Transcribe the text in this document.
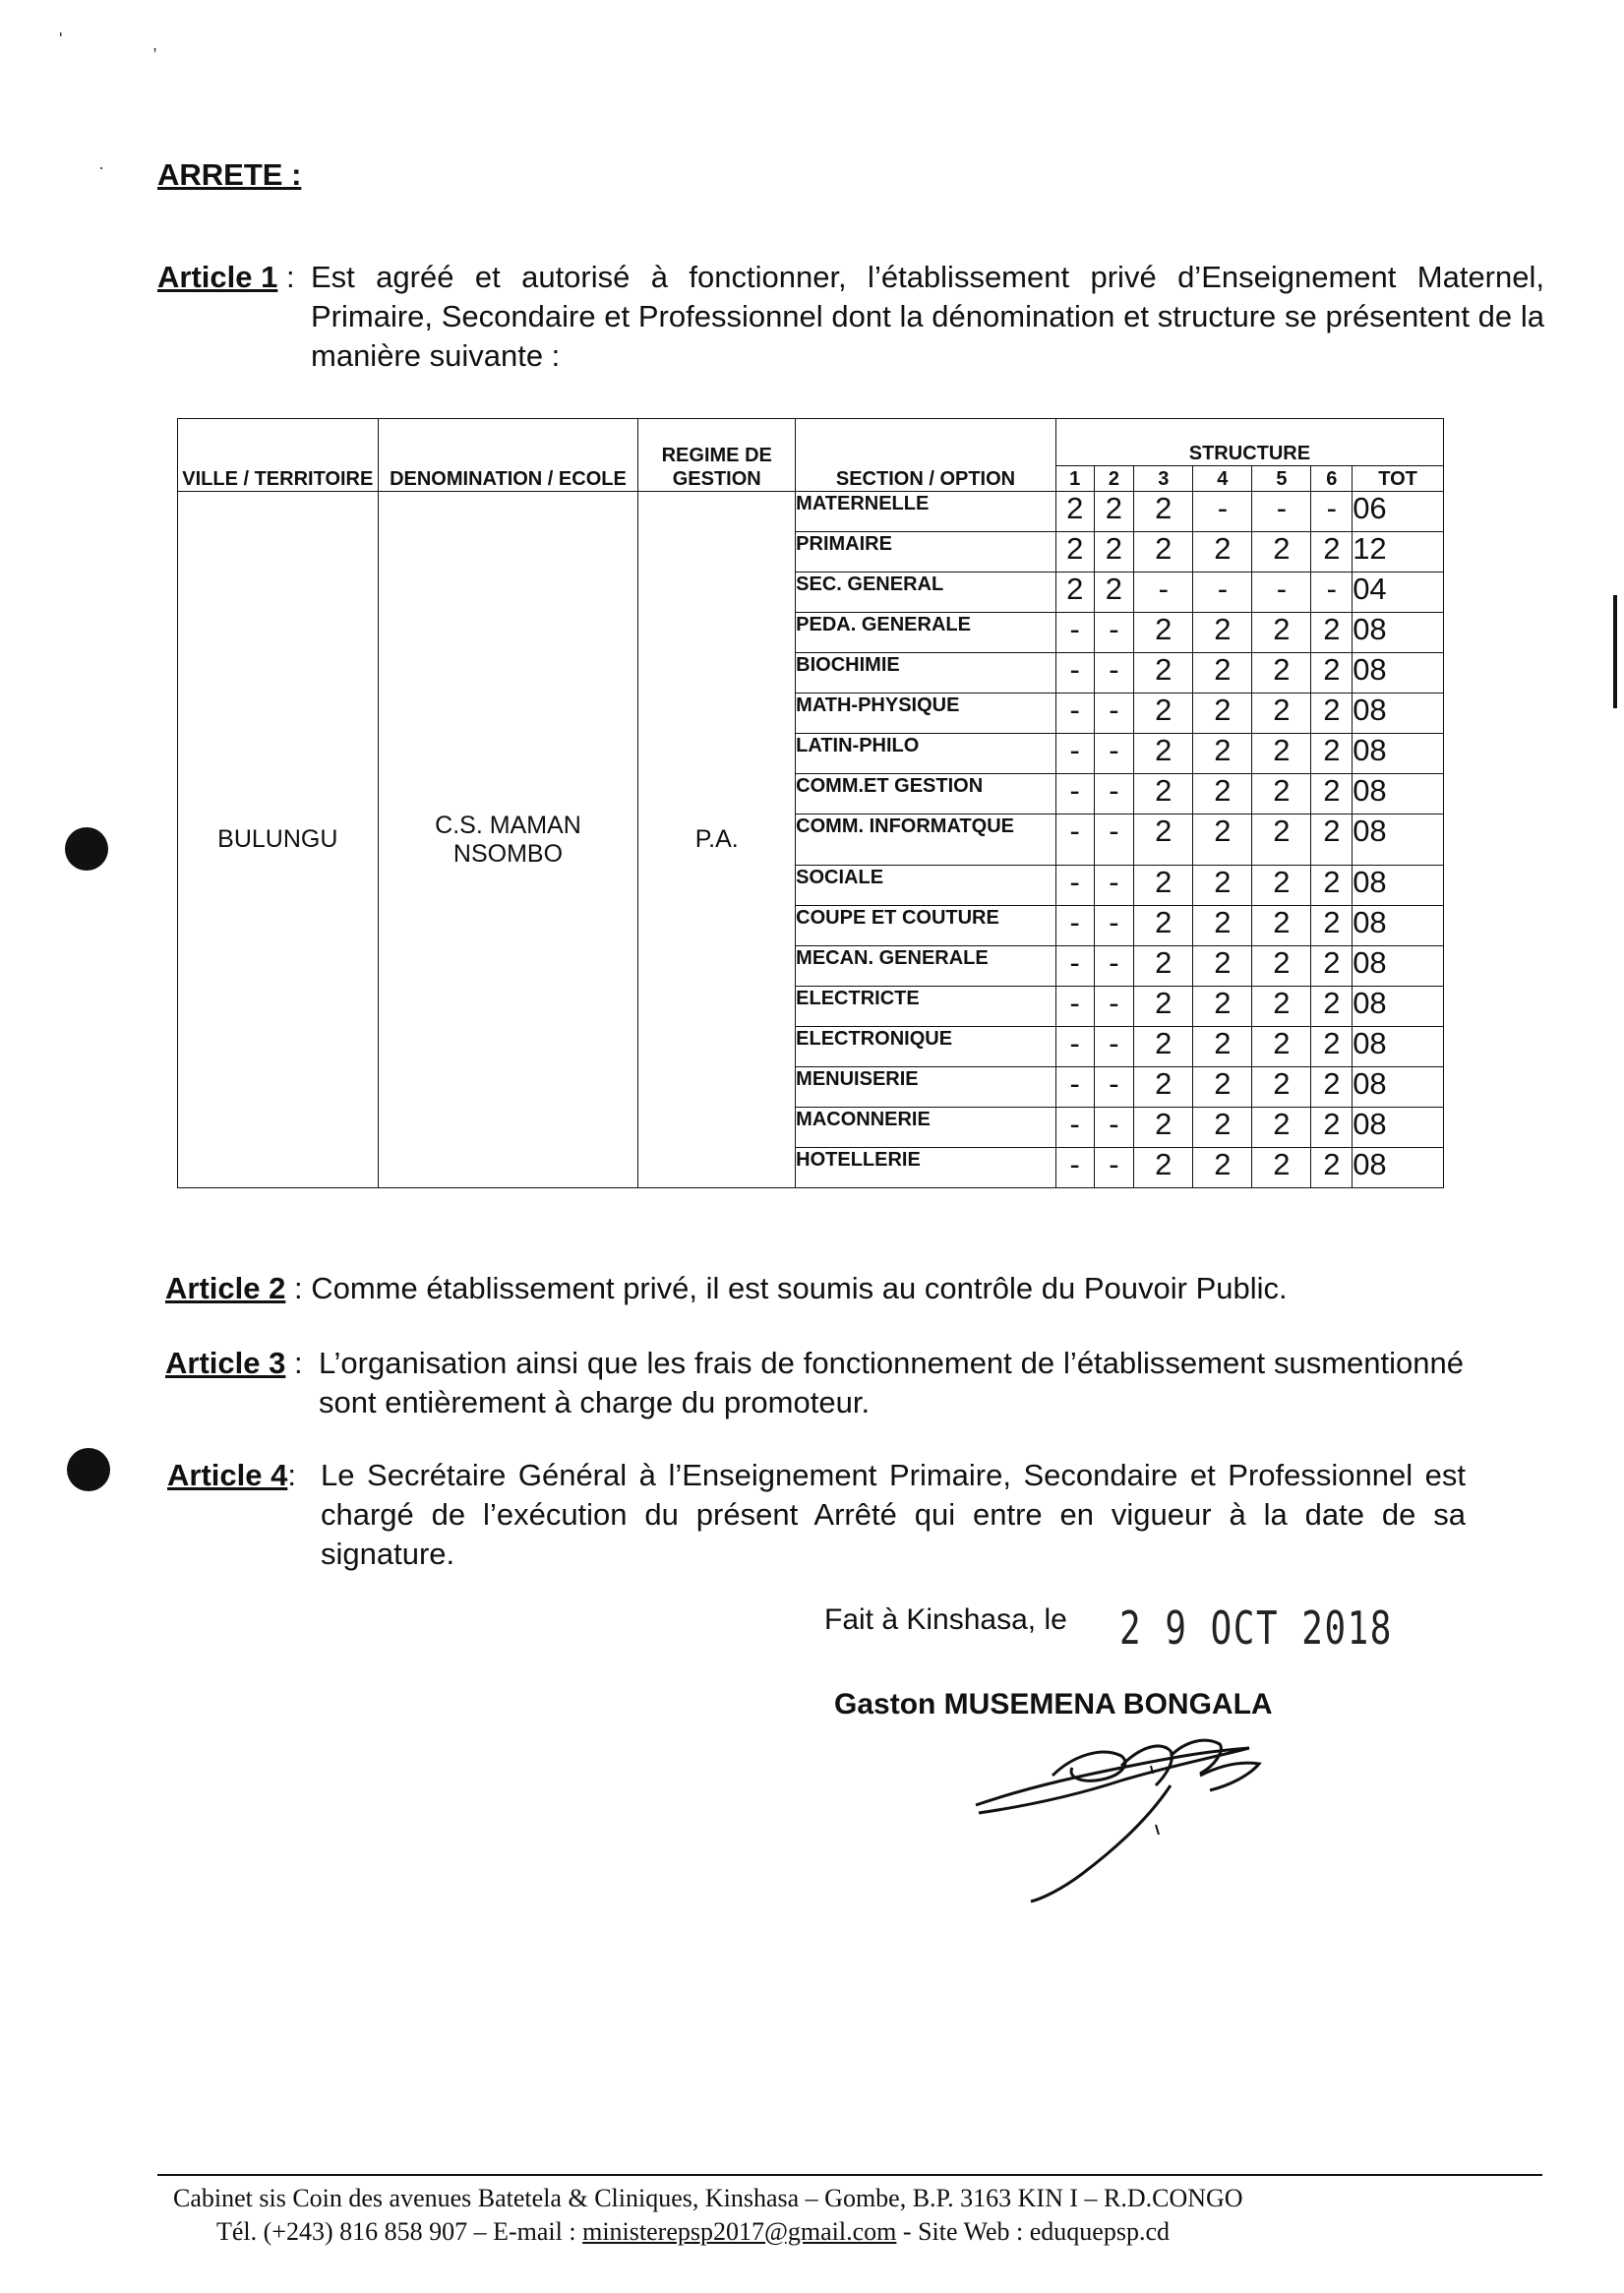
'	,
· ARRETE :
Article 1 : Est agréé et autorisé à fonctionner, l’établissement privé d’Enseignement Maternel, Primaire, Secondaire et Professionnel dont la dénomination et structure se présentent de la manière suivante :
VILLE / TERRITOIRE	DENOMINATION / ECOLE	REGIME DE GESTION	SECTION / OPTION	STRUCTURE						
				1	2	3	4	5	6	TOT
BULUNGU	C.S. MAMAN NSOMBO	P.A.	MATERNELLE	2	2	2	-	-	-	06
			PRIMAIRE	2	2	2	2	2	2	12
			SEC. GENERAL	2	2	-	-	-	-	04
			PEDA. GENERALE	-	-	2	2	2	2	08
			BIOCHIMIE	-	-	2	2	2	2	08
			MATH-PHYSIQUE	-	-	2	2	2	2	08
			LATIN-PHILO	-	-	2	2	2	2	08
			COMM.ET GESTION	-	-	2	2	2	2	08
			COMM. INFORMATQUE	-	-	2	2	2	2	08
			SOCIALE	-	-	2	2	2	2	08
			COUPE ET COUTURE	-	-	2	2	2	2	08
			MECAN. GENERALE	-	-	2	2	2	2	08
			ELECTRICTE	-	-	2	2	2	2	08
			ELECTRONIQUE	-	-	2	2	2	2	08
			MENUISERIE	-	-	2	2	2	2	08
			MACONNERIE	-	-	2	2	2	2	08
			HOTELLERIE	-	-	2	2	2	2	08
Article 2 : Comme établissement privé, il est soumis au contrôle du Pouvoir Public.
Article 3 : L’organisation ainsi que les frais de fonctionnement de l’établissement susmentionné sont entièrement à charge du promoteur.
Article 4 : Le Secrétaire Général à l’Enseignement Primaire, Secondaire et Professionnel est chargé de l’exécution du présent Arrêté qui entre en vigueur à la date de sa signature.
Fait à Kinshasa, le 2 9 OCT 2018
Gaston MUSEMENA BONGALA
Cabinet sis Coin des avenues Batetela & Cliniques, Kinshasa – Gombe, B.P. 3163 KIN I – R.D.CONGO
Tél. (+243) 816 858 907 – E-mail : ministerepsp2017@gmail.com - Site Web : eduquepsp.cd
